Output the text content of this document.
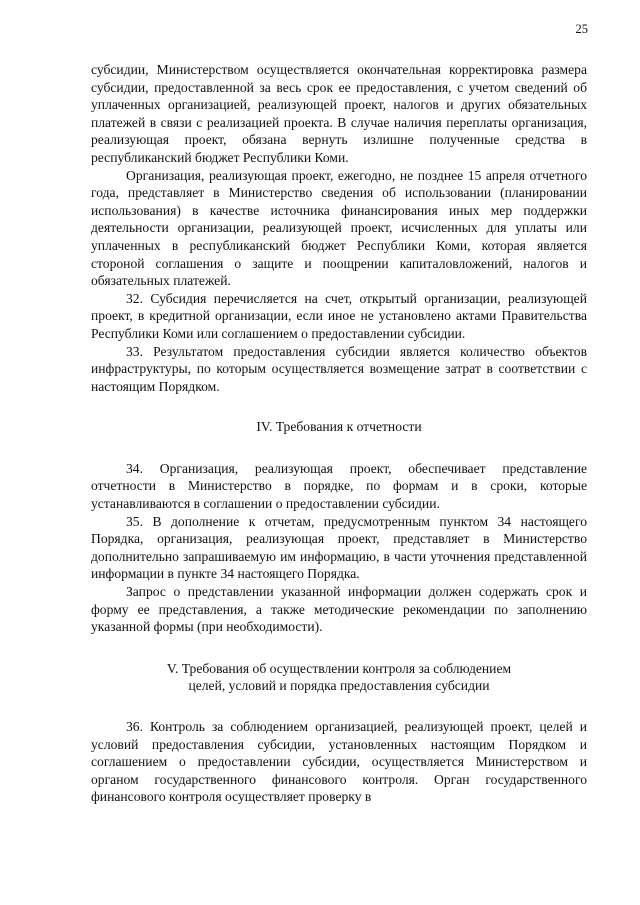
25

субсидии, Министерством осуществляется окончательная корректировка размера субсидии, предоставленной за весь срок ее предоставления, с учетом сведений об уплаченных организацией, реализующей проект, налогов и других обязательных платежей в связи с реализацией проекта. В случае наличия переплаты организация, реализующая проект, обязана вернуть излишне полученные средства в республиканский бюджет Республики Коми.

Организация, реализующая проект, ежегодно, не позднее 15 апреля отчетного года, представляет в Министерство сведения об использовании (планировании использования) в качестве источника финансирования иных мер поддержки деятельности организации, реализующей проект, исчисленных для уплаты или уплаченных в республиканский бюджет Республики Коми, которая является стороной соглашения о защите и поощрении капиталовложений, налогов и обязательных платежей.

32. Субсидия перечисляется на счет, открытый организации, реализующей проект, в кредитной организации, если иное не установлено актами Правительства Республики Коми или соглашением о предоставлении субсидии.

33. Результатом предоставления субсидии является количество объектов инфраструктуры, по которым осуществляется возмещение затрат в соответствии с настоящим Порядком.

IV. Требования к отчетности

34. Организация, реализующая проект, обеспечивает представление отчетности в Министерство в порядке, по формам и в сроки, которые устанавливаются в соглашении о предоставлении субсидии.

35. В дополнение к отчетам, предусмотренным пунктом 34 настоящего Порядка, организация, реализующая проект, представляет в Министерство дополнительно запрашиваемую им информацию, в части уточнения представленной информации в пункте 34 настоящего Порядка.

Запрос о представлении указанной информации должен содержать срок и форму ее представления, а также методические рекомендации по заполнению указанной формы (при необходимости).

V. Требования об осуществлении контроля за соблюдением

целей, условий и порядка предоставления субсидии

36. Контроль за соблюдением организацией, реализующей проект, целей и условий предоставления субсидии, установленных настоящим Порядком и соглашением о предоставлении субсидии, осуществляется Министерством и органом государственного финансового контроля. Орган государственного финансового контроля осуществляет проверку в
